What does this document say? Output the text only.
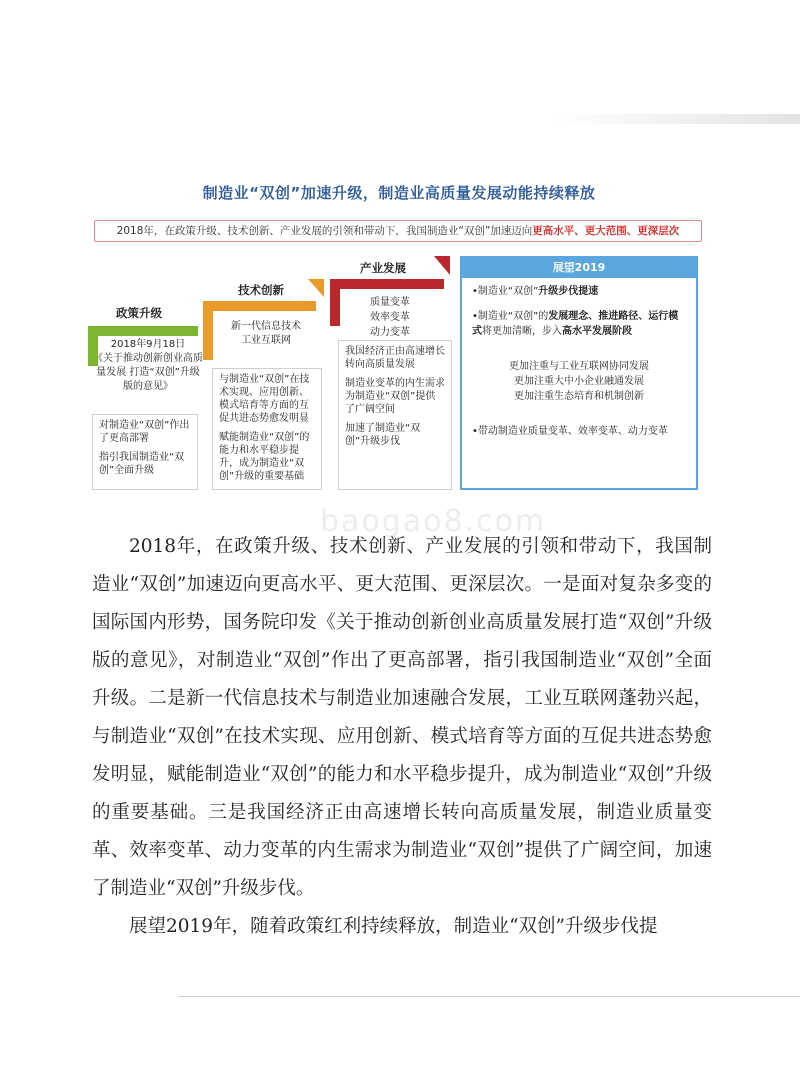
制造业“双创”加速升级，制造业高质量发展动能持续释放
2018年，在政策升级、技术创新、产业发展的引领和带动下，我国制造业“双创”加速迈向更高水平、更大范围、更深层次
政策升级
2018年9月18日
《关于推动创新创业高质量发展 打造“双创”升级版的意见》

对制造业“双创”作出了更高部署

指引我国制造业“双创”全面升级

技术创新
新一代信息技术
工业互联网

与制造业“双创”在技术实现、应用创新、模式培育等方面的互促共进态势愈发明显

赋能制造业“双创”的能力和水平稳步提升，成为制造业“双创”升级的重要基础

产业发展
质量变革
效率变革
动力变革

我国经济正由高速增长转向高质量发展

制造业变革的内生需求为制造业“双创”提供了广阔空间

加速了制造业“双创”升级步伐

展望2019
•制造业“双创”升级步伐提速
•制造业“双创”的发展理念、推进路径、运行模式将更加清晰，步入高水平发展阶段
更加注重与工业互联网协同发展
更加注重大中小企业融通发展
更加注重生态培育和机制创新
•带动制造业质量变革、效率变革、动力变革
baogao8.com

2018年，在政策升级、技术创新、产业发展的引领和带动下，我国制造业“双创”加速迈向更高水平、更大范围、更深层次。一是面对复杂多变的国际国内形势，国务院印发《关于推动创新创业高质量发展打造“双创”升级版的意见》，对制造业“双创”作出了更高部署，指引我国制造业“双创”全面升级。二是新一代信息技术与制造业加速融合发展，工业互联网蓬勃兴起，与制造业“双创”在技术实现、应用创新、模式培育等方面的互促共进态势愈发明显，赋能制造业“双创”的能力和水平稳步提升，成为制造业“双创”升级的重要基础。三是我国经济正由高速增长转向高质量发展，制造业质量变革、效率变革、动力变革的内生需求为制造业“双创”提供了广阔空间，加速了制造业“双创”升级步伐。

展望2019年，随着政策红利持续释放，制造业“双创”升级步伐提
